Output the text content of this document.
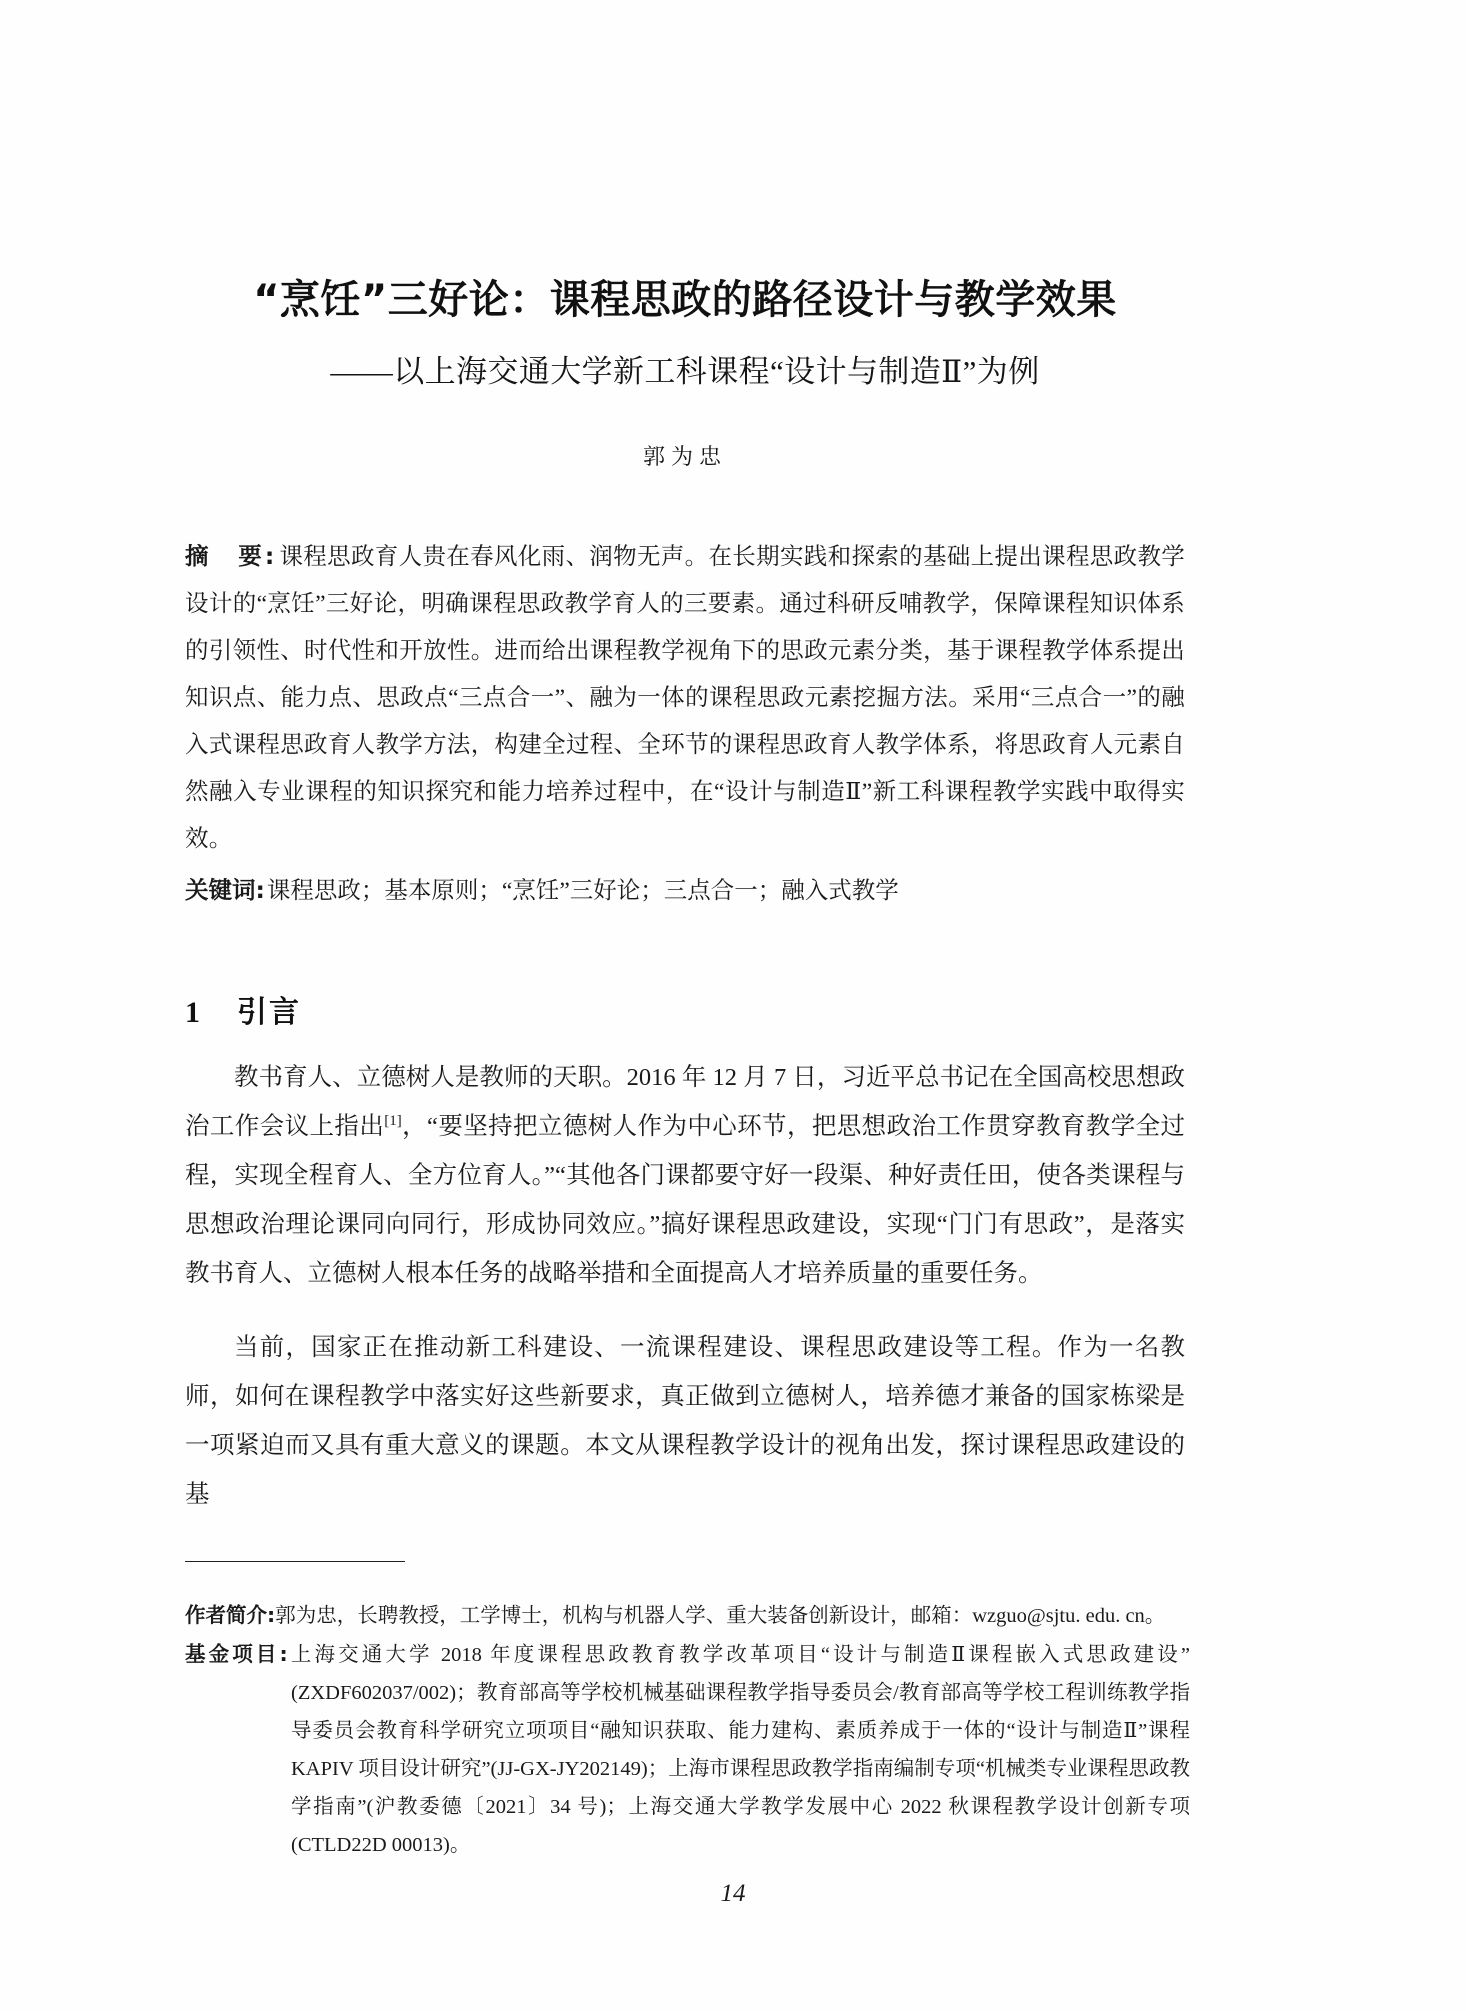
“烹饪”三好论：课程思政的路径设计与教学效果
——以上海交通大学新工科课程“设计与制造Ⅱ”为例
郭为忠
摘　要:课程思政育人贵在春风化雨、润物无声。在长期实践和探索的基础上提出课程思政教学设计的“烹饪”三好论，明确课程思政教学育人的三要素。通过科研反哺教学，保障课程知识体系的引领性、时代性和开放性。进而给出课程教学视角下的思政元素分类，基于课程教学体系提出知识点、能力点、思政点“三点合一”、融为一体的课程思政元素挖掘方法。采用“三点合一”的融入式课程思政育人教学方法，构建全过程、全环节的课程思政育人教学体系，将思政育人元素自然融入专业课程的知识探究和能力培养过程中，在“设计与制造Ⅱ”新工科课程教学实践中取得实效。
关键词:课程思政；基本原则；“烹饪”三好论；三点合一；融入式教学
1	引言

教书育人、立德树人是教师的天职。2016 年 12 月 7 日，习近平总书记在全国高校思想政治工作会议上指出[1]，“要坚持把立德树人作为中心环节，把思想政治工作贯穿教育教学全过程，实现全程育人、全方位育人。”“其他各门课都要守好一段渠、种好责任田，使各类课程与思想政治理论课同向同行，形成协同效应。”搞好课程思政建设，实现“门门有思政”，是落实教书育人、立德树人根本任务的战略举措和全面提高人才培养质量的重要任务。

当前，国家正在推动新工科建设、一流课程建设、课程思政建设等工程。作为一名教师，如何在课程教学中落实好这些新要求，真正做到立德树人，培养德才兼备的国家栋梁是一项紧迫而又具有重大意义的课题。本文从课程教学设计的视角出发，探讨课程思政建设的基

作者简介:郭为忠，长聘教授，工学博士，机构与机器人学、重大装备创新设计，邮箱：wzguo@sjtu. edu. cn。
基金项目:上海交通大学 2018 年度课程思政教育教学改革项目“设计与制造Ⅱ课程嵌入式思政建设”(ZXDF602037/002)；教育部高等学校机械基础课程教学指导委员会/教育部高等学校工程训练教学指导委员会教育科学研究立项项目“融知识获取、能力建构、素质养成于一体的“设计与制造Ⅱ”课程 KAPIV 项目设计研究”(JJ‑GX‑JY202149)；上海市课程思政教学指南编制专项“机械类专业课程思政教学指南”(沪教委德〔2021〕34 号)；上海交通大学教学发展中心 2022 秋课程教学设计创新专项(CTLD22D 00013)。
14
